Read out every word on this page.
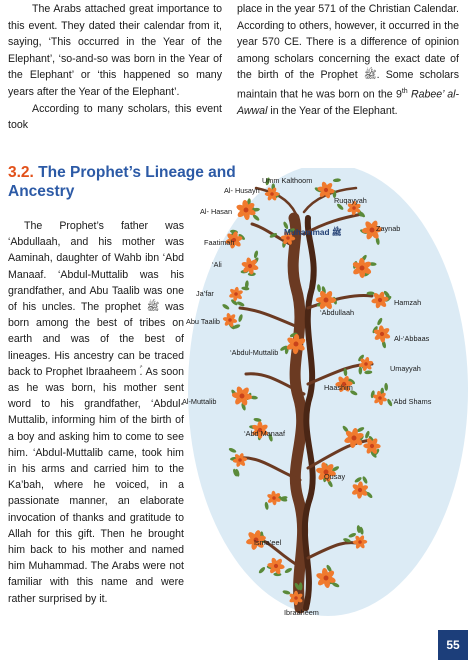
The Arabs attached great importance to this event. They dated their calendar from it, saying, ‘This occurred in the Year of the Elephant’, ‘so-and-so was born in the Year of the Elephant’ or ‘this happened so many years after the Year of the Elephant’.

According to many scholars, this event took

place in the year 571 of the Christian Calendar. According to others, however, it occurred in the year 570 CE. There is a difference of opinion among scholars concerning the exact date of the birth of the Prophet ﷺ. Some scholars maintain that he was born on the 9th Rabee’ al-Awwal in the Year of the Elephant.

3.2. The Prophet’s Lineage and Ancestry

The Prophet’s father was ‘Abdullaah, and his mother was Aaminah, daughter of Wahb ibn ‘Abd Manaaf. ‘Abdul-Muttalib was his grandfather, and Abu Taalib was one of his uncles. The prophet ﷺ was born among the best of tribes on earth and was of the best of lineages. His ancestry can be traced back to Prophet Ibraaheem ؑ. As soon as he was born, his mother sent word to his grandfather, ‘Abdul-Muttalib, informing him of the birth of a boy and asking him to come to see him. ‘Abdul-Muttalib came, took him in his arms and carried him to the Ka’bah, where he voiced, in a passionate manner, an elaborate invocation of thanks and gratitude to Allah for this gift. Then he brought him back to his mother and named him Muhammad. The Arabs were not familiar with this name and were rather surprised by it.

Umm Kalthoom
Al- Husayn
Ruqayyah
Al- Hasan
Zaynab
Faatimah
Muhammad ﷺ
‘Ali
Ja’far
Hamzah
‘Abdullaah
Abu Taalib
Al-‘Abbaas
‘Abdul-Muttalib
Umayyah
Haashim
Al-Muttalib	‘Abd Shams
‘Abd Manaaf
Qusay
Isma’eel
Ibraaheem
55
